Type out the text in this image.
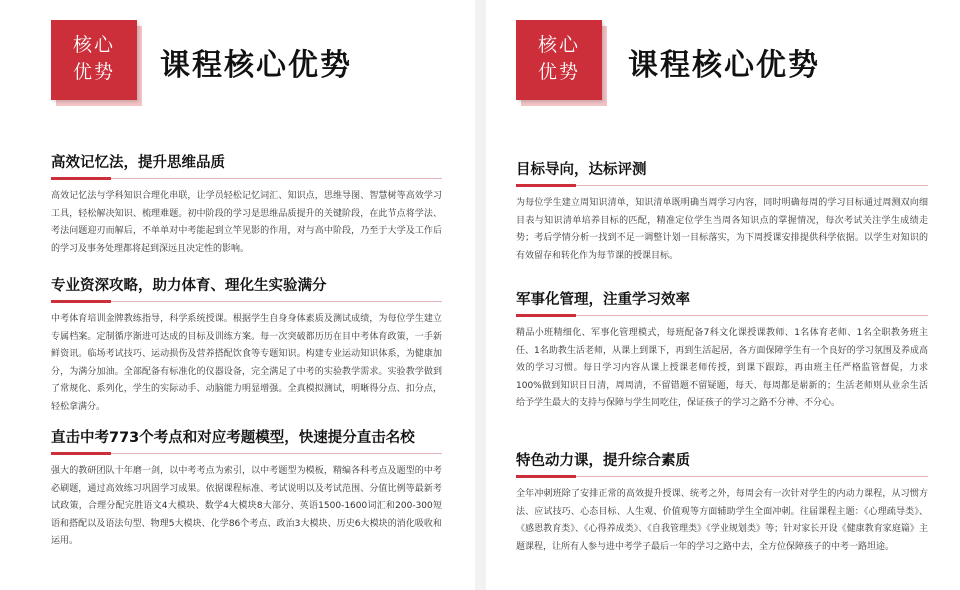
核心
优势	课程核心优势
高效记忆法，提升思维品质
高效记忆法与学科知识合理化串联，让学员轻松记忆词汇、知识点，思维导图、智慧树等高效学习工具，轻松解决知识、梳理难题。初中阶段的学习是思维品质提升的关键阶段，在此节点将学法、考法问题迎刃而解后，不单单对中考能起到立竿见影的作用，对与高中阶段，乃至于大学及工作后的学习及事务处理都将起到深远且决定性的影响。
专业资深攻略，助力体育、理化生实验满分
中考体育培训金牌教练指导，科学系统授课。根据学生自身身体素质及测试成绩，为每位学生建立专属档案。定制循序渐进可达成的目标及训练方案。每一次突破都历历在目中考体育政策，一手新鲜资讯。临场考试技巧、运动损伤及营养搭配饮食等专题知识。构建专业运动知识体系，为健康加分，为满分加油。全部配备有标准化的仪器设备，完全满足了中考的实验教学需求。实验教学做到了常规化、系列化，学生的实际动手、动脑能力明显增强。全真模拟测试，明晰得分点、扣分点，轻松拿满分。
直击中考773个考点和对应考题模型，快速提分直击名校
强大的教研团队十年磨一剑，以中考考点为索引，以中考题型为模板，精编各科考点及题型的中考必刷题，通过高效练习巩固学习成果。依据课程标准、考试说明以及考试范围、分值比例等最新考试政策，合理分配完胜语文4大模块、数学4大模块8大部分、英语1500-1600词汇和200-300短语和搭配以及语法句型、物理5大模块、化学86个考点、政治3大模块、历史6大模块的消化吸收和运用。
核心
优势	课程核心优势
目标导向，达标评测
为每位学生建立周知识清单，知识清单既明确当周学习内容，同时明确每周的学习目标通过周测双向细目表与知识清单培养目标的匹配，精准定位学生当周各知识点的掌握情况，每次考试关注学生成绩走势；考后学情分析一找到不足一调整计划一目标落实，为下周授课安排提供科学依据。以学生对知识的有效留存和转化作为每节课的授课目标。
军事化管理，注重学习效率
精品小班精细化、军事化管理模式，每班配备7科文化课授课教师、1名体育老师、1名全职教务班主任、1名助教生活老师，从课上到课下，再到生活起居，各方面保障学生有一个良好的学习氛围及养成高效的学习习惯。每日学习内容从课上授课老师传授，到课下跟踪，再由班主任严格监管督促，力求100%做到知识日日清，周周清，不留错题不留疑题，每天、每周都是崭新的；生活老师则从业余生活给予学生最大的支持与保障与学生同吃住，保证孩子的学习之路不分神、不分心。
特色动力课，提升综合素质
全年冲刺班除了安排正常的高效提升授课、统考之外，每周会有一次针对学生的内动力课程，从习惯方法、应试技巧、心态目标、人生观、价值观等方面辅助学生全面冲刺。往届课程主题：《心理疏导类》、《感恩教育类》、《心得养成类》、《自我管理类》《学业规划类》等；针对家长开设《健康教育家庭篇》主题课程，让所有人参与进中考学子最后一年的学习之路中去，全方位保障孩子的中考一路坦途。
